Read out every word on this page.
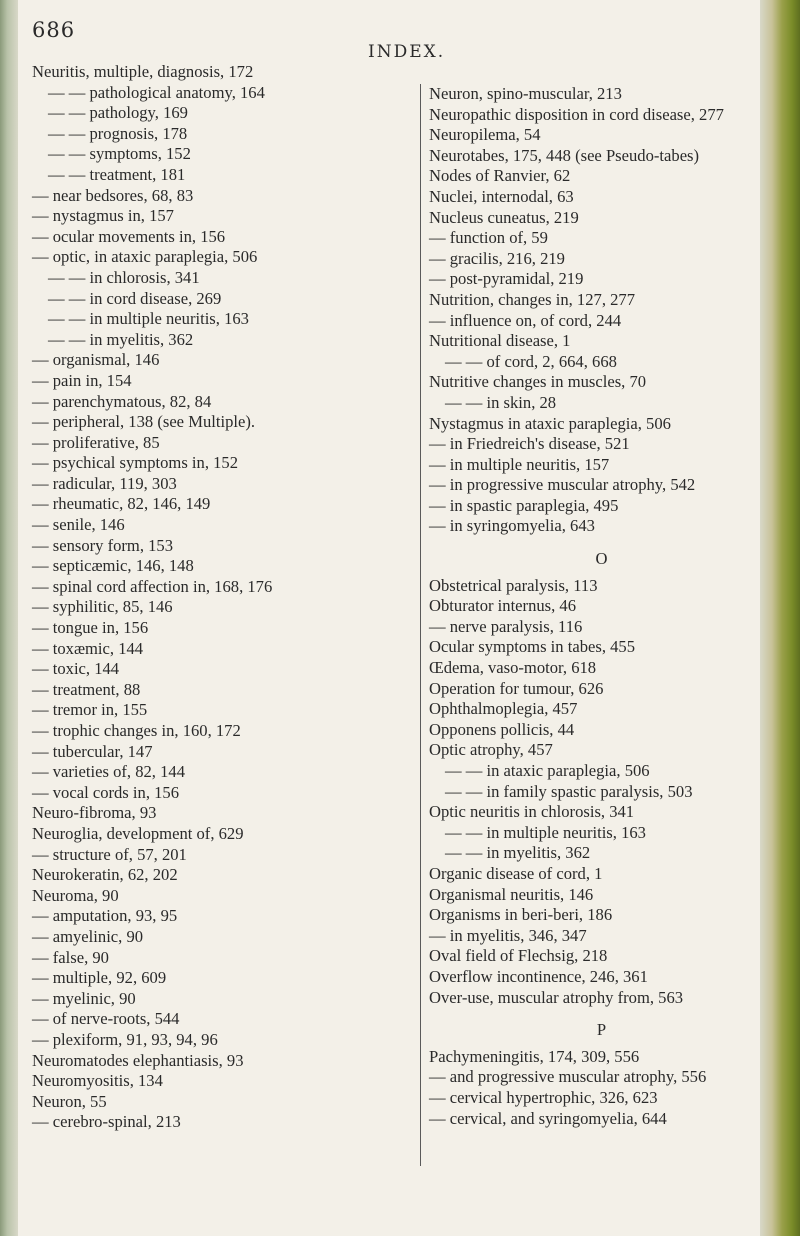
686
INDEX.
Neuritis, multiple, diagnosis, 172
— — pathological anatomy, 164
— — pathology, 169
— — prognosis, 178
— — symptoms, 152
— — treatment, 181
— near bedsores, 68, 83
— nystagmus in, 157
— ocular movements in, 156
— optic, in ataxic paraplegia, 506
— — in chlorosis, 341
— — in cord disease, 269
— — in multiple neuritis, 163
— — in myelitis, 362
— organismal, 146
— pain in, 154
— parenchymatous, 82, 84
— peripheral, 138 (see Multiple).
— proliferative, 85
— psychical symptoms in, 152
— radicular, 119, 303
— rheumatic, 82, 146, 149
— senile, 146
— sensory form, 153
— septicæmic, 146, 148
— spinal cord affection in, 168, 176
— syphilitic, 85, 146
— tongue in, 156
— toxæmic, 144
— toxic, 144
— treatment, 88
— tremor in, 155
— trophic changes in, 160, 172
— tubercular, 147
— varieties of, 82, 144
— vocal cords in, 156
Neuro-fibroma, 93
Neuroglia, development of, 629
— structure of, 57, 201
Neurokeratin, 62, 202
Neuroma, 90
— amputation, 93, 95
— amyelinic, 90
— false, 90
— multiple, 92, 609
— myelinic, 90
— of nerve-roots, 544
— plexiform, 91, 93, 94, 96
Neuromatodes elephantiasis, 93
Neuromyositis, 134
Neuron, 55
— cerebro-spinal, 213
Neuron, spino-muscular, 213
Neuropathic disposition in cord disease, 277
Neuropilema, 54
Neurotabes, 175, 448 (see Pseudo-tabes)
Nodes of Ranvier, 62
Nuclei, internodal, 63
Nucleus cuneatus, 219
— function of, 59
— gracilis, 216, 219
— post-pyramidal, 219
Nutrition, changes in, 127, 277
— influence on, of cord, 244
Nutritional disease, 1
— — of cord, 2, 664, 668
Nutritive changes in muscles, 70
— — in skin, 28
Nystagmus in ataxic paraplegia, 506
— in Friedreich's disease, 521
— in multiple neuritis, 157
— in progressive muscular atrophy, 542
— in spastic paraplegia, 495
— in syringomyelia, 643
O
Obstetrical paralysis, 113
Obturator internus, 46
— nerve paralysis, 116
Ocular symptoms in tabes, 455
Œdema, vaso-motor, 618
Operation for tumour, 626
Ophthalmoplegia, 457
Opponens pollicis, 44
Optic atrophy, 457
— — in ataxic paraplegia, 506
— — in family spastic paralysis, 503
Optic neuritis in chlorosis, 341
— — in multiple neuritis, 163
— — in myelitis, 362
Organic disease of cord, 1
Organismal neuritis, 146
Organisms in beri-beri, 186
— in myelitis, 346, 347
Oval field of Flechsig, 218
Overflow incontinence, 246, 361
Over-use, muscular atrophy from, 563
P
Pachymeningitis, 174, 309, 556
— and progressive muscular atrophy, 556
— cervical hypertrophic, 326, 623
— cervical, and syringomyelia, 644
